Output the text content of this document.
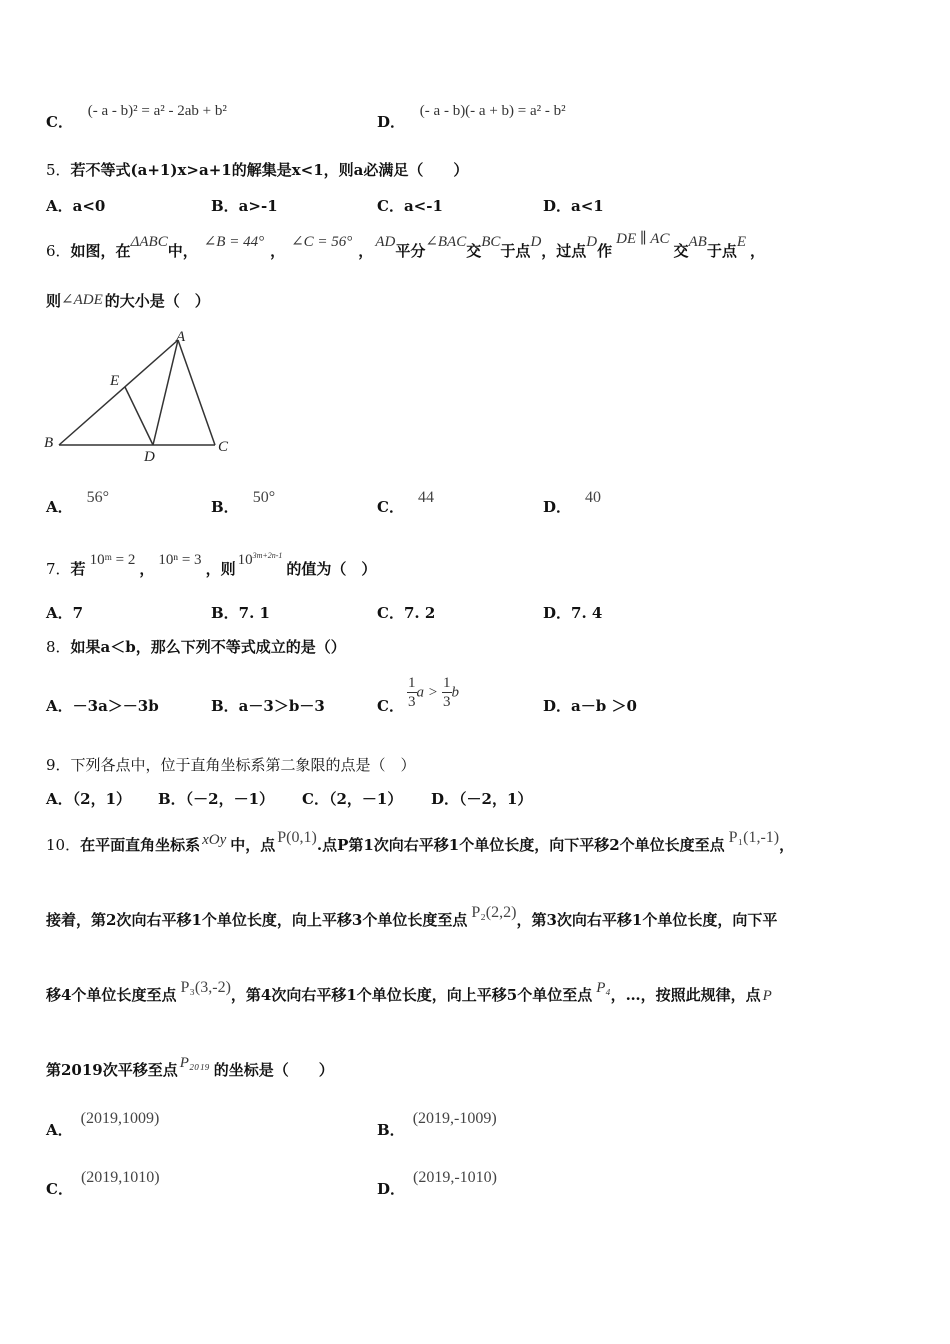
C． (- a - b)² = a² - 2ab + b²
D． (- a - b)(- a + b) = a² - b²
5．若不等式(a+1)x>a+1的解集是x<1，则a必满足（　　）
A．a<0	B．a>-1	C．a<-1	D．a<1
6．如图，在ΔABC中， ∠B = 44° ， ∠C = 56° ， AD平分∠BAC交BC于点D，过点D作DE ∥ AC交AB于点E ，
则∠ADE 的大小是（　）
A
E
B
D
C
A．56°
B．50°
C．44
D．40
7．若 10ᵐ = 2 ， 10ⁿ = 3 ，则 $10^{3m+2n-1}$的值为（　）
A．7	B．7. 1	C．7. 2	D．7. 4
8．如果a＜b，那么下列不等式成立的是（）
A．－3a＞－3b	B．a－3＞b－3	C． $\frac{1}{3}$ $a > \frac{1}{3}$ b
D．a－b ＞0
9．下列各点中，位于直角坐标系第二象限的点是（　）
A．（2，1） B．（－2，－1） C．（2，－1） D．（－2，1）
10．在平面直角坐标系 xOy 中，点 P(0,1).点P第1次向右平移1个单位长度，向下平移2个单位长度至点 P₁(1,-1)，
接着，第2次向右平移1个单位长度，向上平移3个单位长度至点 P₂(2,2)，第3次向右平移1个单位长度，向下平
移4个单位长度至点 P₃(3,-2)，第4次向右平移1个单位长度，向上平移5个单位至点 P₄，…，按照此规律，点 P
第2019次平移至点 P₂₀₁₉ 的坐标是（　　）
A．(2019,1009)
B．(2019,-1009)
C．(2019,1010)
D．(2019,-1010)
